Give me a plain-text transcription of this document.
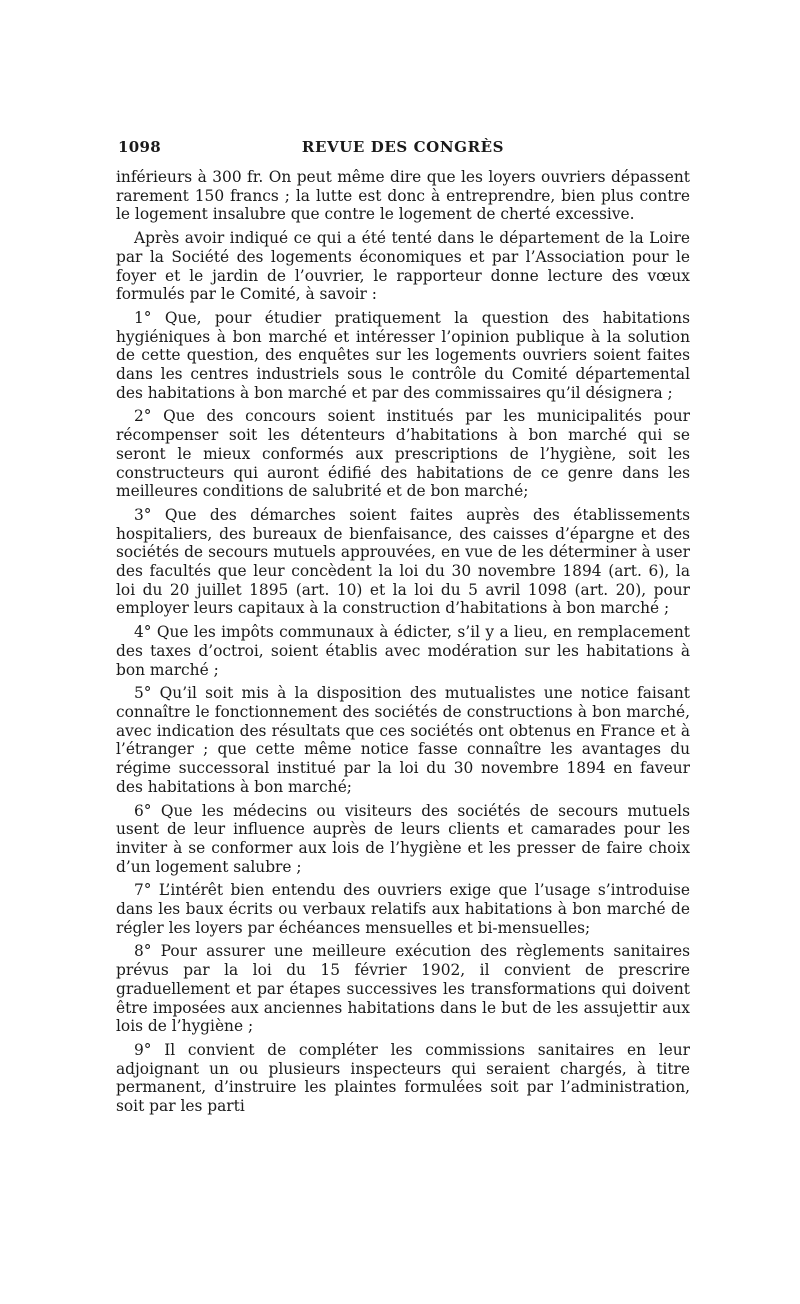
1098	REVUE DES CONGRÈS

inférieurs à 300 fr. On peut même dire que les loyers ouvriers dépassent rarement 150 francs ; la lutte est donc à entreprendre, bien plus contre le logement insalubre que contre le logement de cherté excessive.

Après avoir indiqué ce qui a été tenté dans le département de la Loire par la Société des logements économiques et par l’Association pour le foyer et le jardin de l’ouvrier, le rapporteur donne lecture des vœux formulés par le Comité, à savoir :

1° Que, pour étudier pratiquement la question des habitations hygiéniques à bon marché et intéresser l’opinion publique à la solution de cette question, des enquêtes sur les logements ouvriers soient faites dans les centres industriels sous le contrôle du Comité départemental des habitations à bon marché et par des commissaires qu’il désignera ;

2° Que des concours soient institués par les municipalités pour récompenser soit les détenteurs d’habitations à bon marché qui se seront le mieux conformés aux prescriptions de l’hygiène, soit les constructeurs qui auront édifié des habitations de ce genre dans les meilleures conditions de salubrité et de bon marché;

3° Que des démarches soient faites auprès des établissements hospitaliers, des bureaux de bienfaisance, des caisses d’épargne et des sociétés de secours mutuels approuvées, en vue de les déterminer à user des facultés que leur concèdent la loi du 30 novembre 1894 (art. 6), la loi du 20 juillet 1895 (art. 10) et la loi du 5 avril 1098 (art. 20), pour employer leurs capitaux à la construction d’habitations à bon marché ;

4° Que les impôts communaux à édicter, s’il y a lieu, en remplacement des taxes d’octroi, soient établis avec modération sur les habitations à bon marché ;

5° Qu’il soit mis à la disposition des mutualistes une notice faisant connaître le fonctionnement des sociétés de constructions à bon marché, avec indication des résultats que ces sociétés ont obtenus en France et à l’étranger ; que cette même notice fasse connaître les avantages du régime successoral institué par la loi du 30 novembre 1894 en faveur des habitations à bon marché;

6° Que les médecins ou visiteurs des sociétés de secours mutuels usent de leur influence auprès de leurs clients et camarades pour les inviter à se conformer aux lois de l’hygiène et les presser de faire choix d’un logement salubre ;

7° L’intérêt bien entendu des ouvriers exige que l’usage s’introduise dans les baux écrits ou verbaux relatifs aux habitations à bon marché de régler les loyers par échéances mensuelles et bi-mensuelles;

8° Pour assurer une meilleure exécution des règlements sanitaires prévus par la loi du 15 février 1902, il convient de prescrire graduellement et par étapes successives les transformations qui doivent être imposées aux anciennes habitations dans le but de les assujettir aux lois de l’hygiène ;

9° Il convient de compléter les commissions sanitaires en leur adjoignant un ou plusieurs inspecteurs qui seraient chargés, à titre permanent, d’instruire les plaintes formulées soit par l’administration, soit par les parti
